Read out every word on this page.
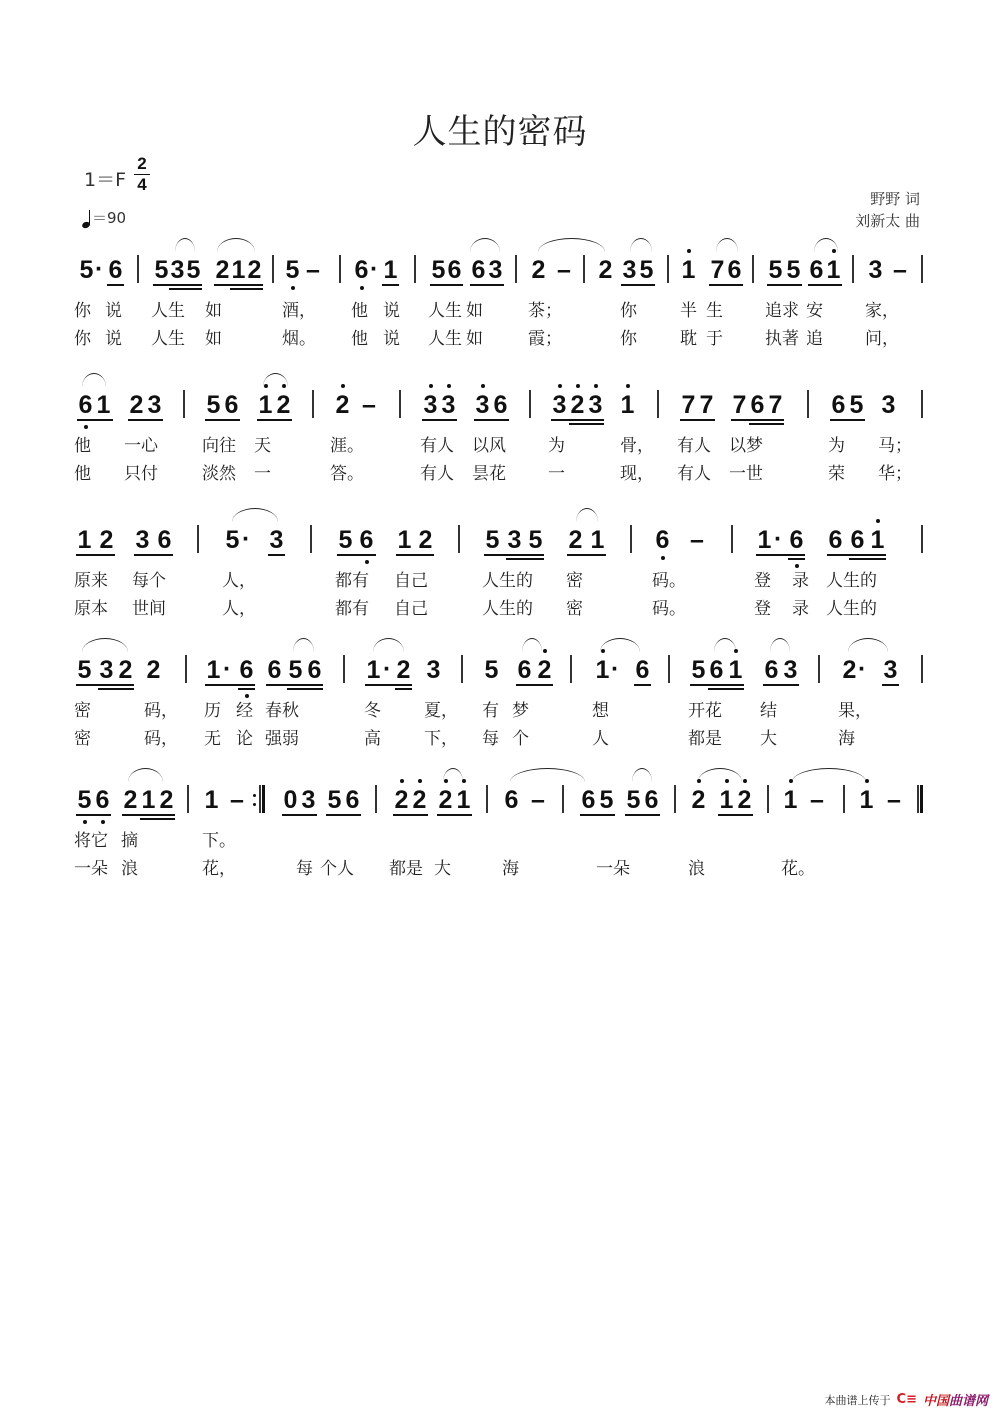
人生的密码
1＝F
2
4
＝90
野野 词
刘新太 曲
5 · 6 5 3 5 2 1 2 5 – 6 · 1 5 6 6 3 2 – 2 3 5 1 7 6 5 5 6 1 3 –
你 说 人生 如	酒， 他 说 人生 如	茶；	你	半 生 追求 安 家，
你 说 人生 如	烟。 他 说 人生 如	霞；	你	耽 于 执著 追 问，
6 1 2 3 5 6 1 2 2 – 3 3 3 6 3 2 3 1 7 7 7 6 7 6 5 3
他 一心	向往 天	涯。	有人 以风 为	骨， 有人 以梦	为 马；
他 只付	淡然 一	答。	有人 昙花 一	现， 有人 一世	荣 华；
1 2 3 6 5 · 3 5 6 1 2 5 3 5 2 1 6 – 1 · 6 6 6 1
原来 每个	人，	都有 自己	人生的 密	码。	登 录 人生的
原本 世间	人，	都有 自己	人生的 密	码。	登 录 人生的
5 3 2 2 1 · 6 6 5 6 1 · 2 3 5 6 2 1 · 6 5 6 1 6 3 2 · 3
密	码， 历 经 春秋	冬	夏， 有 梦	想	开花 结	果，
密	码， 无 论 强弱	高	下， 每 个	人	都是 大	海
5 6 2 1 2 1 – 0 3 5 6 2 2 2 1 6 – 6 5 5 6 2 1 2 1 – 1 –
将它 摘	下。
一朵 浪	花，	每 个人 都是 大	海	一朵	浪	花。
本曲谱上传于 C≡ 中国曲谱网
